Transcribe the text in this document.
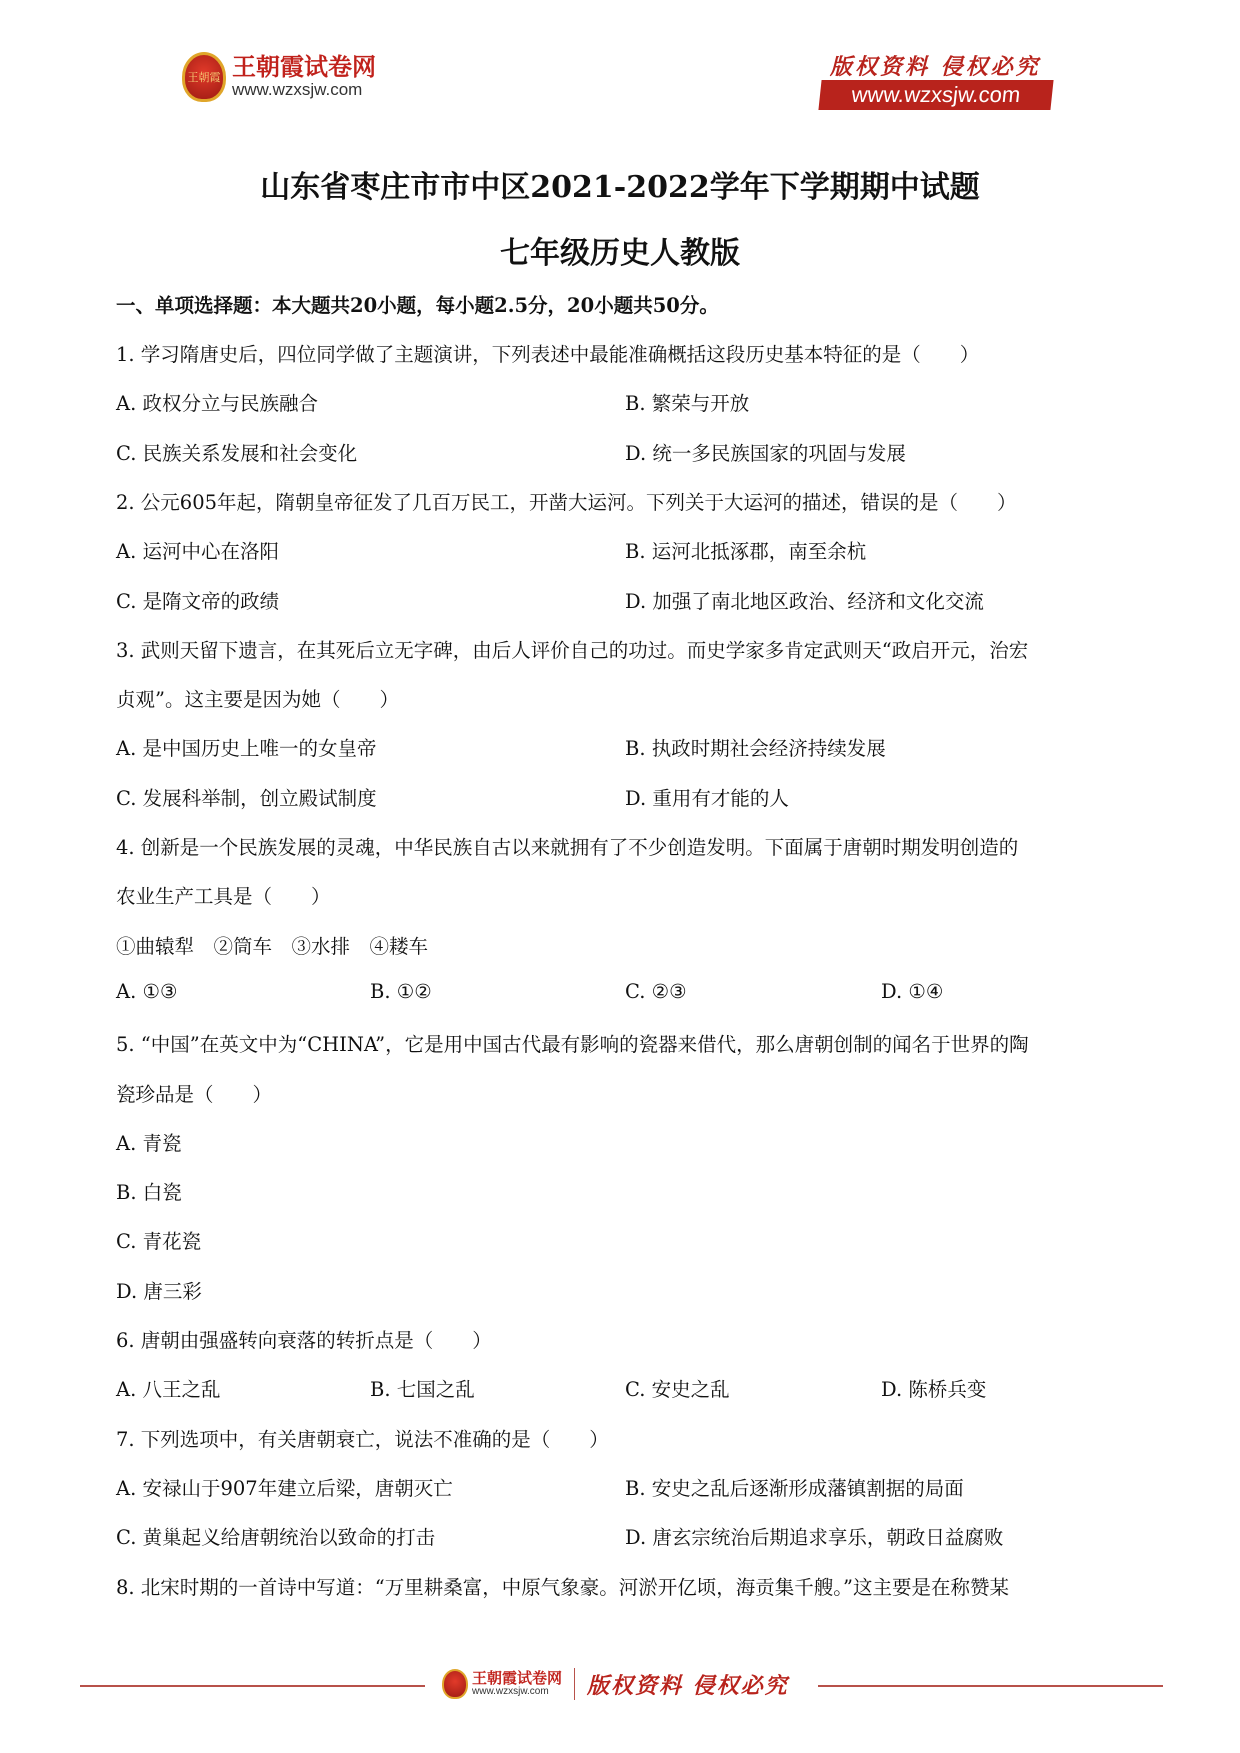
王朝霞 王朝霞试卷网
www.wzxsjw.com
版权资料 侵权必究
www.wzxsjw.com
山东省枣庄市市中区2021-2022学年下学期期中试题
七年级历史人教版
一、单项选择题：本大题共20小题，每小题2.5分，20小题共50分。
1. 学习隋唐史后，四位同学做了主题演讲，下列表述中最能准确概括这段历史基本特征的是（　　）
A. 政权分立与民族融合	B. 繁荣与开放
C. 民族关系发展和社会变化	D. 统一多民族国家的巩固与发展
2. 公元605年起，隋朝皇帝征发了几百万民工，开凿大运河。下列关于大运河的描述，错误的是（　　）
A. 运河中心在洛阳	B. 运河北抵涿郡，南至余杭
C. 是隋文帝的政绩	D. 加强了南北地区政治、经济和文化交流
3. 武则天留下遗言，在其死后立无字碑，由后人评价自己的功过。而史学家多肯定武则天“政启开元，治宏
贞观”。这主要是因为她（　　）
A. 是中国历史上唯一的女皇帝	B. 执政时期社会经济持续发展
C. 发展科举制，创立殿试制度	D. 重用有才能的人
4. 创新是一个民族发展的灵魂，中华民族自古以来就拥有了不少创造发明。下面属于唐朝时期发明创造的
农业生产工具是（　　）
①曲辕犁　②筒车　③水排　④耧车
A. ①③	B. ①②	C. ②③	D. ①④
5. “中国”在英文中为“CHINA”，它是用中国古代最有影响的瓷器来借代，那么唐朝创制的闻名于世界的陶
瓷珍品是（　　）
A. 青瓷
B. 白瓷
C. 青花瓷
D. 唐三彩
6. 唐朝由强盛转向衰落的转折点是（　　）
A. 八王之乱	B. 七国之乱	C. 安史之乱	D. 陈桥兵变
7. 下列选项中，有关唐朝衰亡，说法不准确的是（　　）
A. 安禄山于907年建立后梁，唐朝灭亡	B. 安史之乱后逐渐形成藩镇割据的局面
C. 黄巢起义给唐朝统治以致命的打击	D. 唐玄宗统治后期追求享乐，朝政日益腐败
8. 北宋时期的一首诗中写道：“万里耕桑富，中原气象豪。河淤开亿顷，海贡集千艘。”这主要是在称赞某
王朝霞试卷网
www.wzxsjw.com	版权资料 侵权必究
